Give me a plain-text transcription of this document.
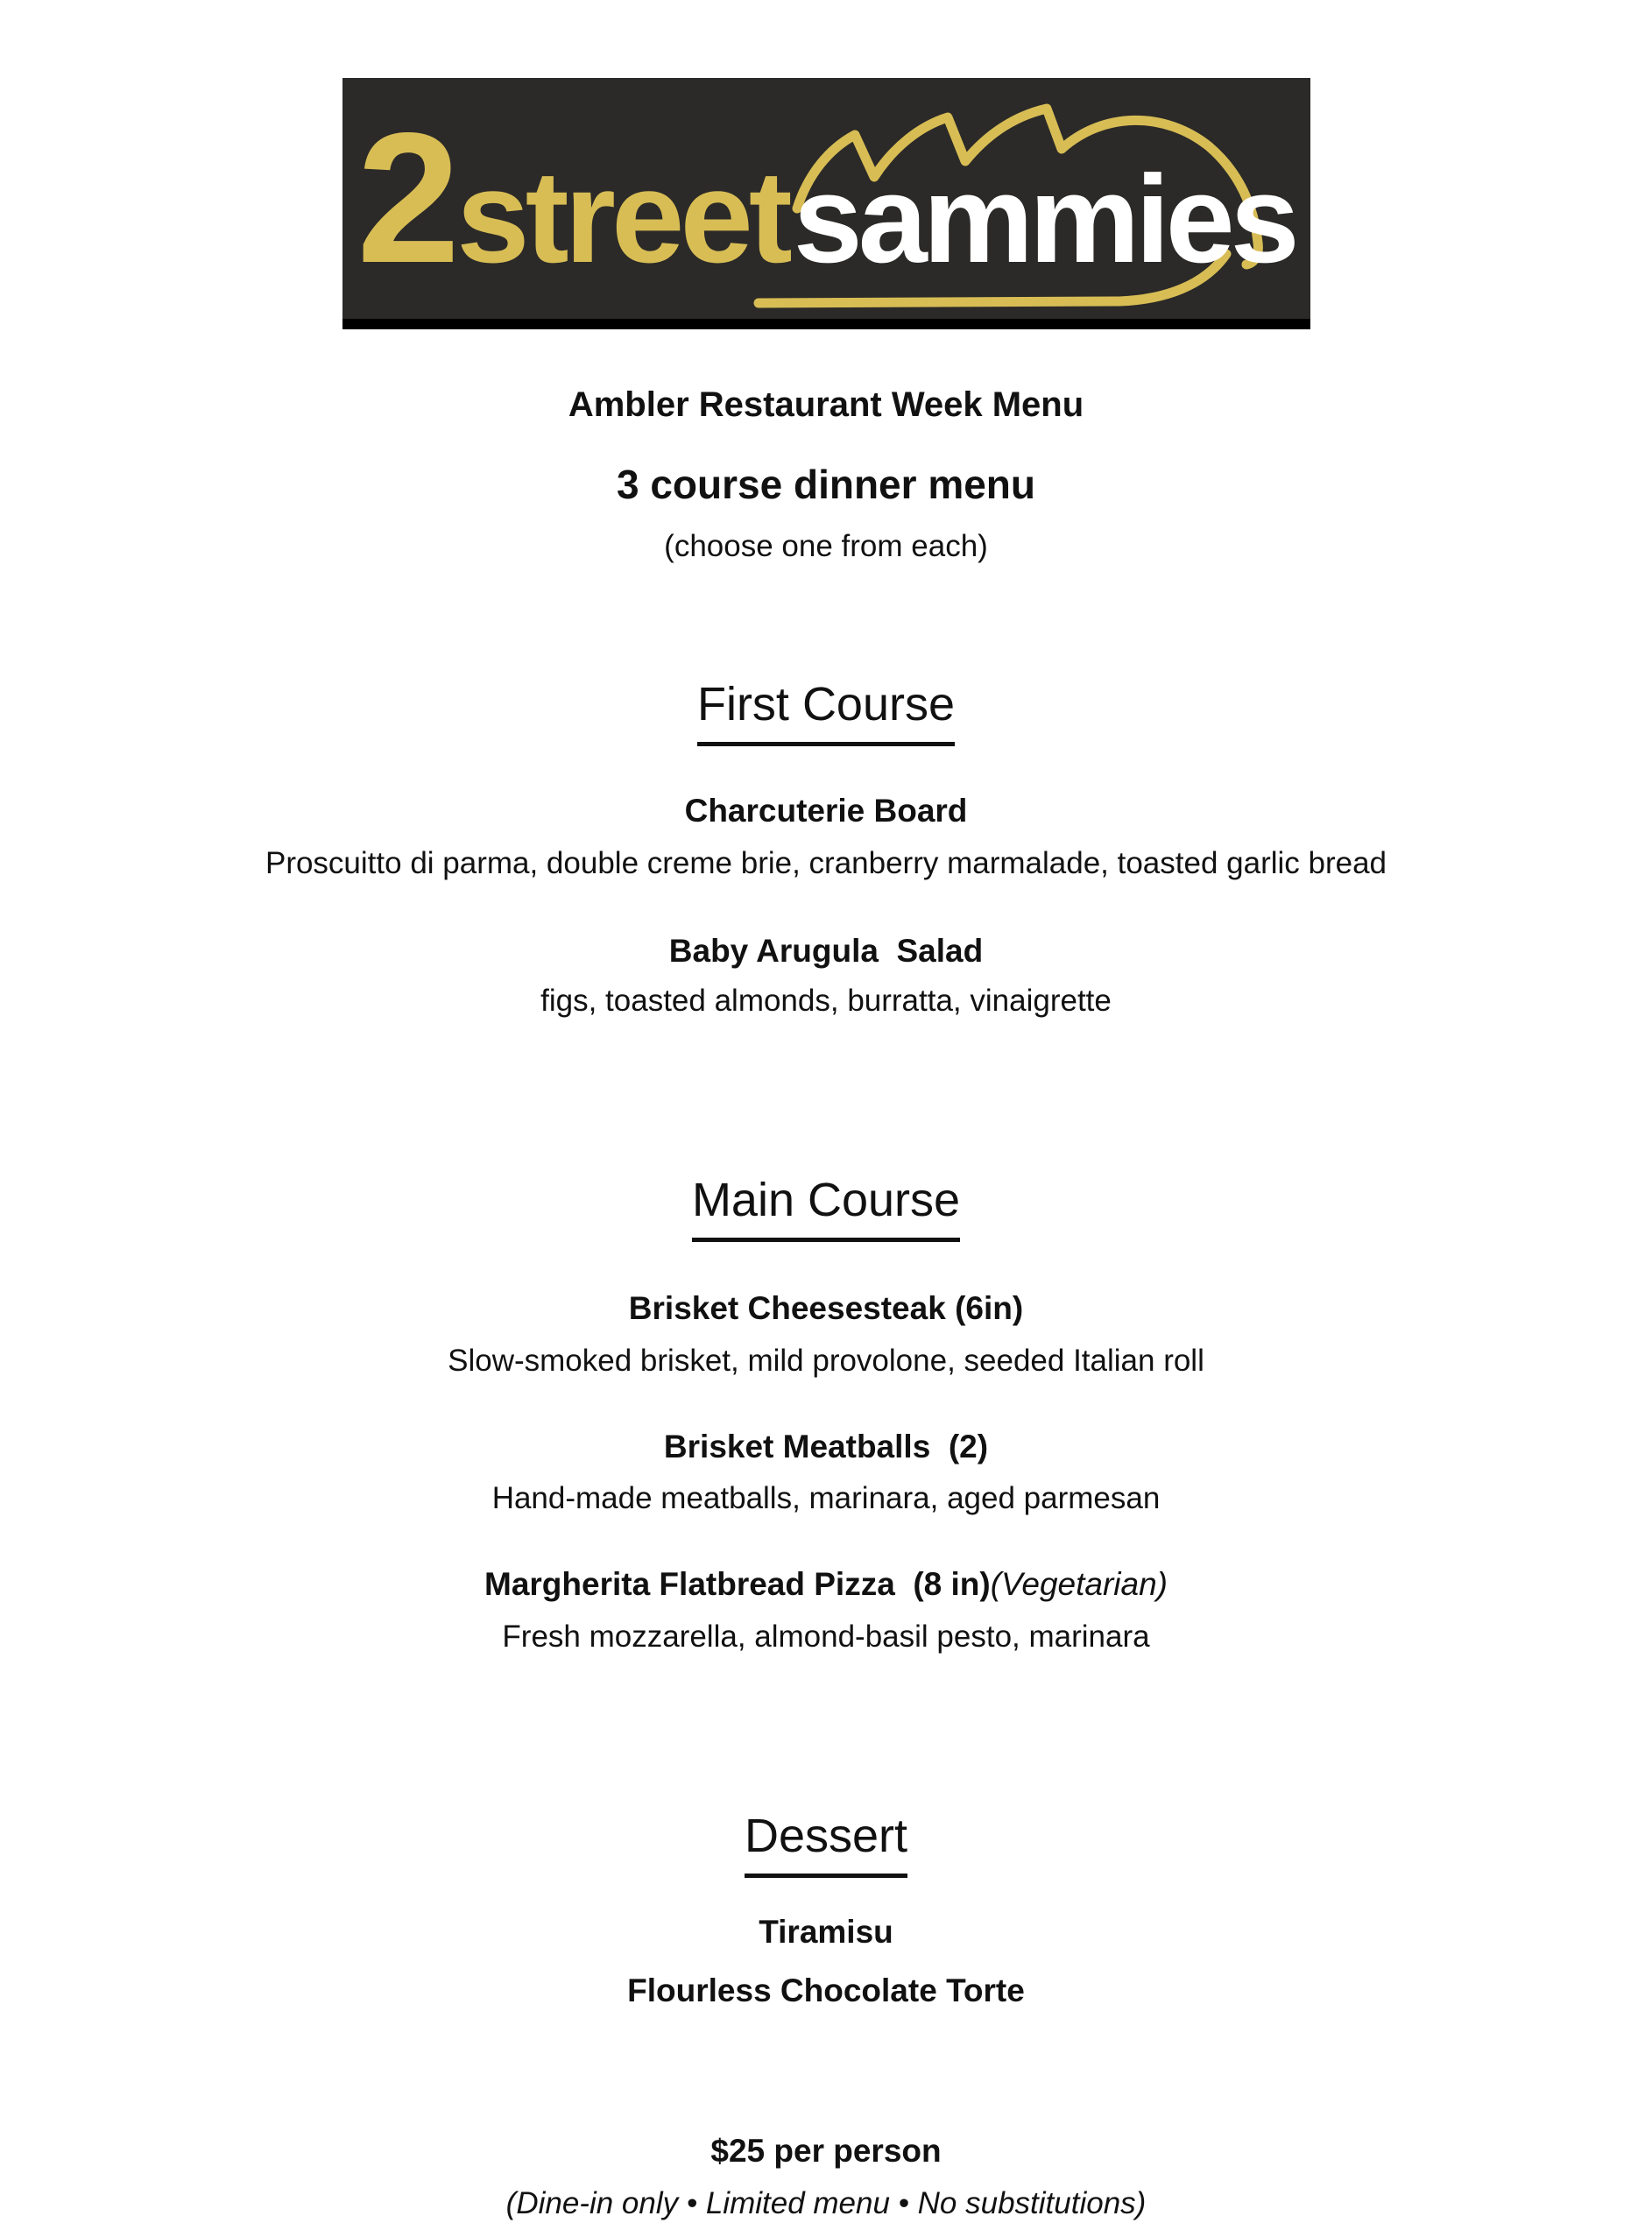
2 street sammies
Ambler Restaurant Week Menu
3 course dinner menu
(choose one from each)
First Course
Charcuterie Board
Proscuitto di parma, double creme brie, cranberry marmalade, toasted garlic bread
Baby Arugula  Salad
figs, toasted almonds, burratta, vinaigrette
Main Course
Brisket Cheesesteak (6in)
Slow-smoked brisket, mild provolone, seeded Italian roll
Brisket Meatballs  (2)
Hand-made meatballs, marinara, aged parmesan
Margherita Flatbread Pizza  (8 in)(Vegetarian)
Fresh mozzarella, almond-basil pesto, marinara
Dessert
Tiramisu
Flourless Chocolate Torte
$25 per person
(Dine-in only • Limited menu • No substitutions)
